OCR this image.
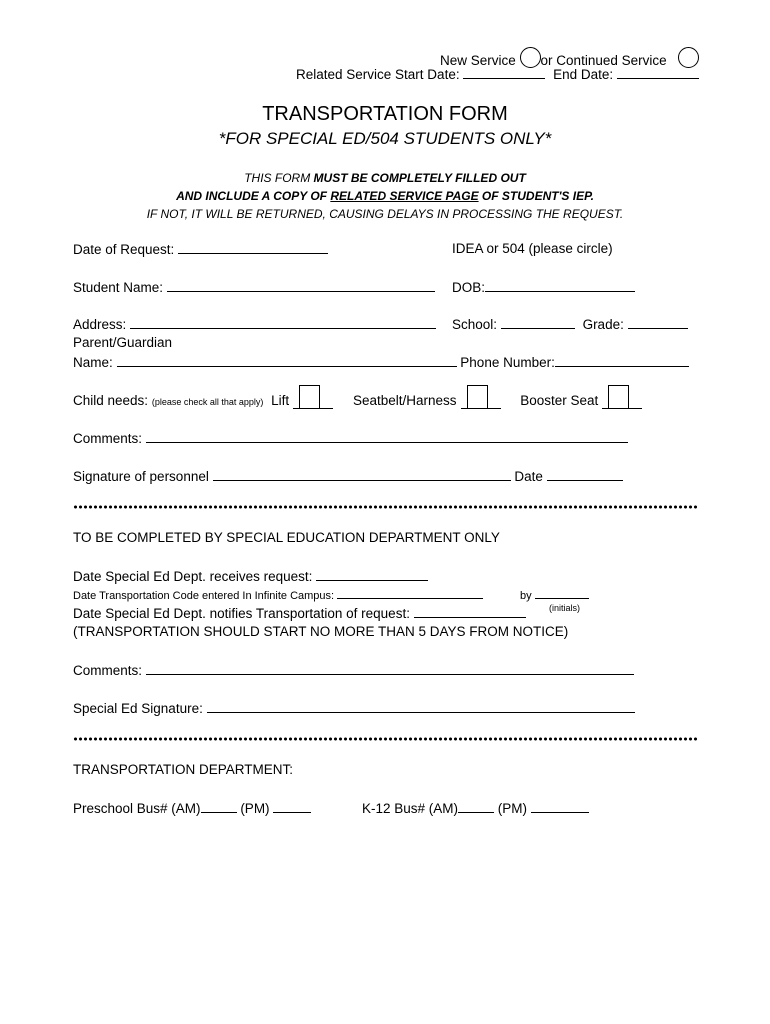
New Service or Continued Service
Related Service Start Date:	End Date:
TRANSPORTATION FORM
*FOR SPECIAL ED/504 STUDENTS ONLY*
THIS FORM MUST BE COMPLETELY FILLED OUT
AND INCLUDE A COPY OF RELATED SERVICE PAGE OF STUDENT'S IEP.
IF NOT, IT WILL BE RETURNED, CAUSING DELAYS IN PROCESSING THE REQUEST.
Date of Request:	IDEA or 504 (please circle)
Student Name:	DOB:
Address:	School:	Grade:
Parent/Guardian
Name:	Phone Number:
Child needs: (please check all that apply) Lift	Seatbelt/Harness	Booster Seat
Comments:
Signature of personnel	Date
TO BE COMPLETED BY SPECIAL EDUCATION DEPARTMENT ONLY
Date Special Ed Dept. receives request:
Date Transportation Code entered In Infinite Campus:	by
(initials)
Date Special Ed Dept. notifies Transportation of request:
(TRANSPORTATION SHOULD START NO MORE THAN 5 DAYS FROM NOTICE)
Comments:
Special Ed Signature:
TRANSPORTATION DEPARTMENT:
Preschool Bus# (AM)	(PM)	K-12 Bus# (AM)	(PM)
